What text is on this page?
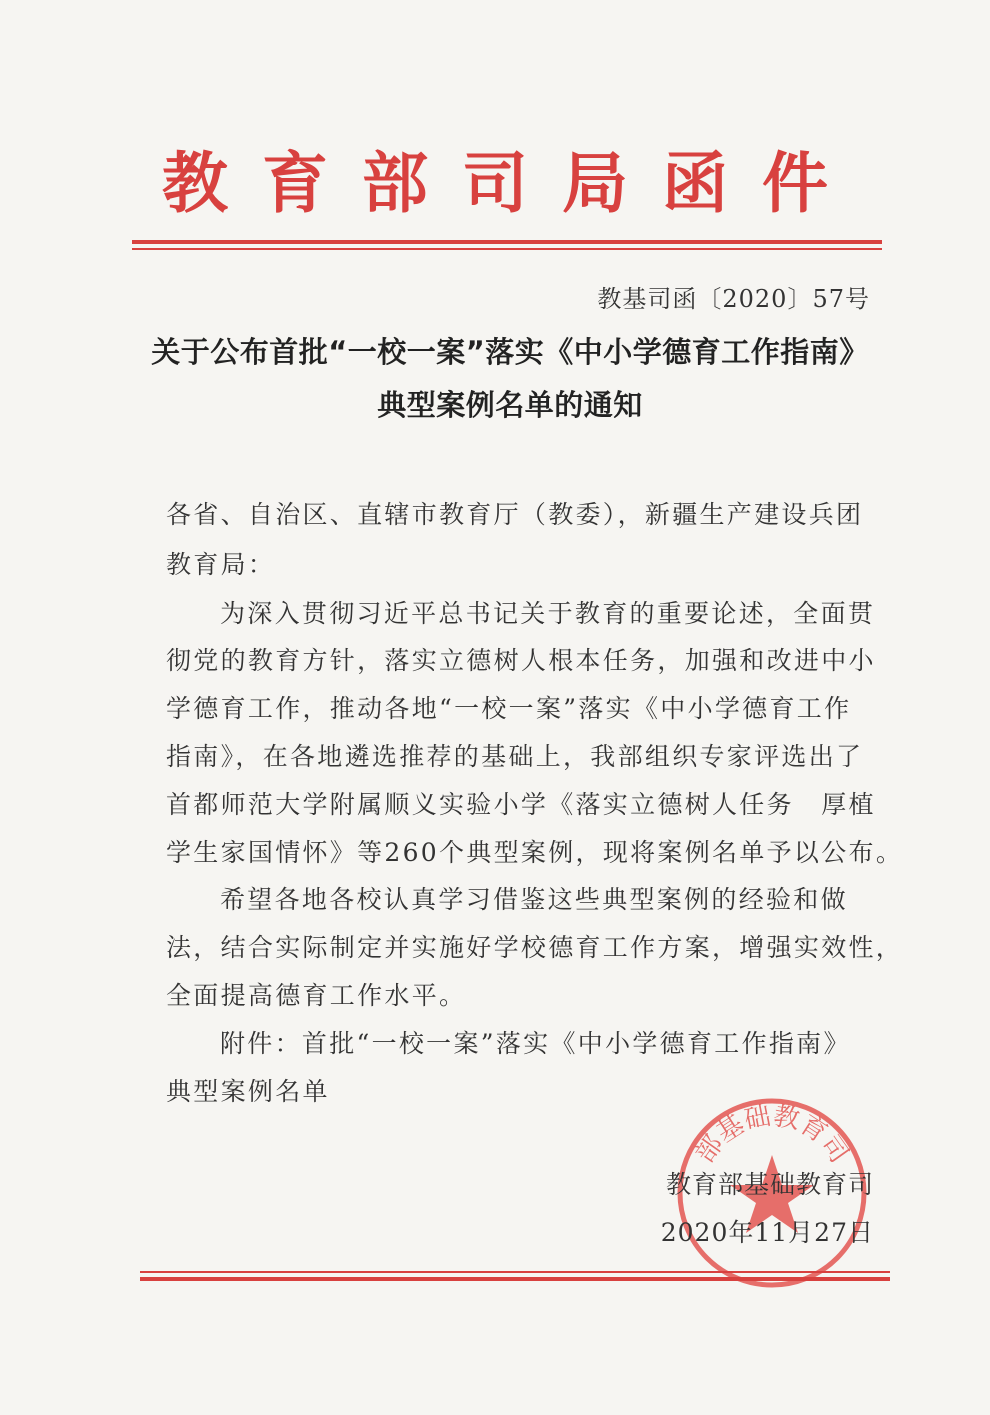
教育部司局函件
教基司函〔2020〕57号
关于公布首批“一校一案”落实《中小学德育工作指南》
典型案例名单的通知
各省、自治区、直辖市教育厅（教委），新疆生产建设兵团
教育局：
为深入贯彻习近平总书记关于教育的重要论述，全面贯
彻党的教育方针，落实立德树人根本任务，加强和改进中小
学德育工作，推动各地“一校一案”落实《中小学德育工作
指南》，在各地遴选推荐的基础上，我部组织专家评选出了
首都师范大学附属顺义实验小学《落实立德树人任务　厚植
学生家国情怀》等260个典型案例，现将案例名单予以公布。
希望各地各校认真学习借鉴这些典型案例的经验和做
法，结合实际制定并实施好学校德育工作方案，增强实效性，
全面提高德育工作水平。
附件：首批“一校一案”落实《中小学德育工作指南》
典型案例名单
部基础教育司
教育部基础教育司
2020年11月27日
